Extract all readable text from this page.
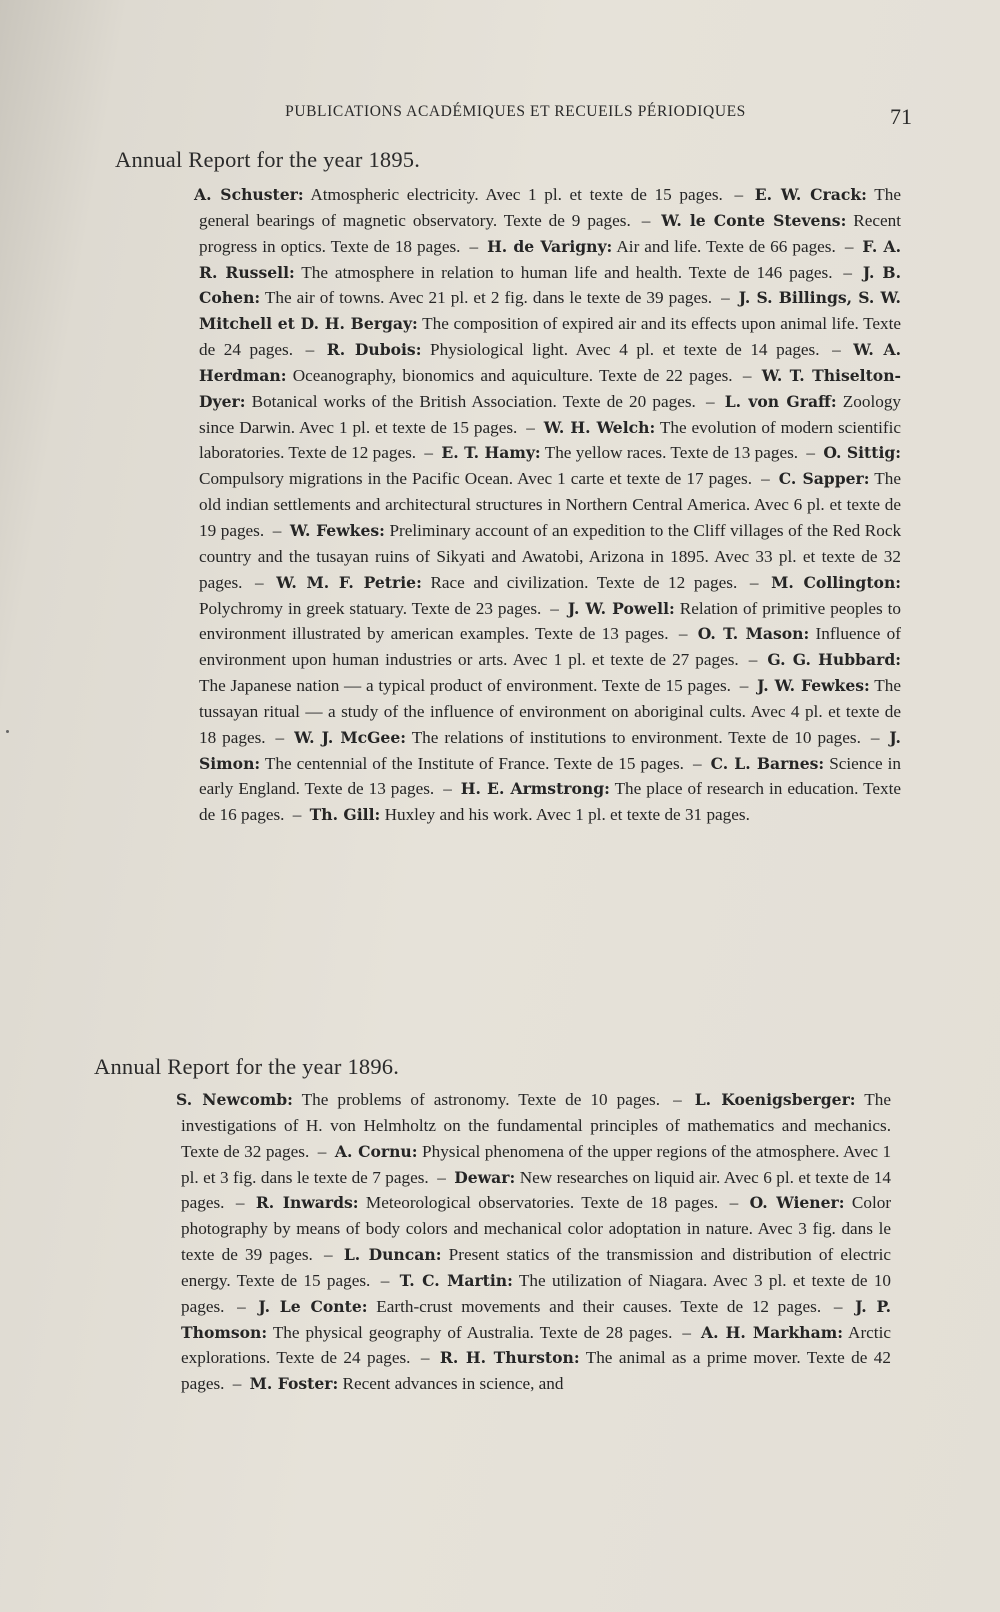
PUBLICATIONS ACADÉMIQUES ET RECUEILS PÉRIODIQUES	71
Annual Report for the year 1895.
A. Schuster: Atmospheric electricity. Avec 1 pl. et texte de 15 pages. – E. W. Crack: The general bearings of magnetic observatory. Texte de 9 pages. – W. le Conte Stevens: Recent progress in optics. Texte de 18 pages. – H. de Varigny: Air and life. Texte de 66 pages. – F. A. R. Russell: The atmosphere in relation to human life and health. Texte de 146 pages. – J. B. Cohen: The air of towns. Avec 21 pl. et 2 fig. dans le texte de 39 pages. – J. S. Billings, S. W. Mitchell et D. H. Bergay: The composition of expired air and its effects upon animal life. Texte de 24 pages. – R. Dubois: Physiological light. Avec 4 pl. et texte de 14 pages. – W. A. Herdman: Oceanography, bionomics and aquiculture. Texte de 22 pages. – W. T. Thiselton-Dyer: Botanical works of the British Association. Texte de 20 pages. – L. von Graff: Zoology since Darwin. Avec 1 pl. et texte de 15 pages. – W. H. Welch: The evolution of modern scientific laboratories. Texte de 12 pages. – E. T. Hamy: The yellow races. Texte de 13 pages. – O. Sittig: Compulsory migrations in the Pacific Ocean. Avec 1 carte et texte de 17 pages. – C. Sapper: The old indian settlements and architectural structures in Northern Central America. Avec 6 pl. et texte de 19 pages. – W. Fewkes: Preliminary account of an expedition to the Cliff villages of the Red Rock country and the tusayan ruins of Sikyati and Awatobi, Arizona in 1895. Avec 33 pl. et texte de 32 pages. – W. M. F. Petrie: Race and civilization. Texte de 12 pages. – M. Collington: Polychromy in greek statuary. Texte de 23 pages. – J. W. Powell: Relation of primitive peoples to environment illustrated by american examples. Texte de 13 pages. – O. T. Mason: Influence of environment upon human industries or arts. Avec 1 pl. et texte de 27 pages. – G. G. Hubbard: The Japanese nation — a typical product of environment. Texte de 15 pages. – J. W. Fewkes: The tussayan ritual — a study of the influence of environment on aboriginal cults. Avec 4 pl. et texte de 18 pages. – W. J. McGee: The relations of institutions to environment. Texte de 10 pages. – J. Simon: The centennial of the Institute of France. Texte de 15 pages. – C. L. Barnes: Science in early England. Texte de 13 pages. – H. E. Armstrong: The place of research in education. Texte de 16 pages. – Th. Gill: Huxley and his work. Avec 1 pl. et texte de 31 pages.
Annual Report for the year 1896.
S. Newcomb: The problems of astronomy. Texte de 10 pages. – L. Koenigsberger: The investigations of H. von Helmholtz on the fundamental principles of mathematics and mechanics. Texte de 32 pages. – A. Cornu: Physical phenomena of the upper regions of the atmosphere. Avec 1 pl. et 3 fig. dans le texte de 7 pages. – Dewar: New researches on liquid air. Avec 6 pl. et texte de 14 pages. – R. Inwards: Meteorological observatories. Texte de 18 pages. – O. Wiener: Color photography by means of body colors and mechanical color adoptation in nature. Avec 3 fig. dans le texte de 39 pages. – L. Duncan: Present statics of the transmission and distribution of electric energy. Texte de 15 pages. – T. C. Martin: The utilization of Niagara. Avec 3 pl. et texte de 10 pages. – J. Le Conte: Earth-crust movements and their causes. Texte de 12 pages. – J. P. Thomson: The physical geography of Australia. Texte de 28 pages. – A. H. Markham: Arctic explorations. Texte de 24 pages. – R. H. Thurston: The animal as a prime mover. Texte de 42 pages. – M. Foster: Recent advances in science, and
